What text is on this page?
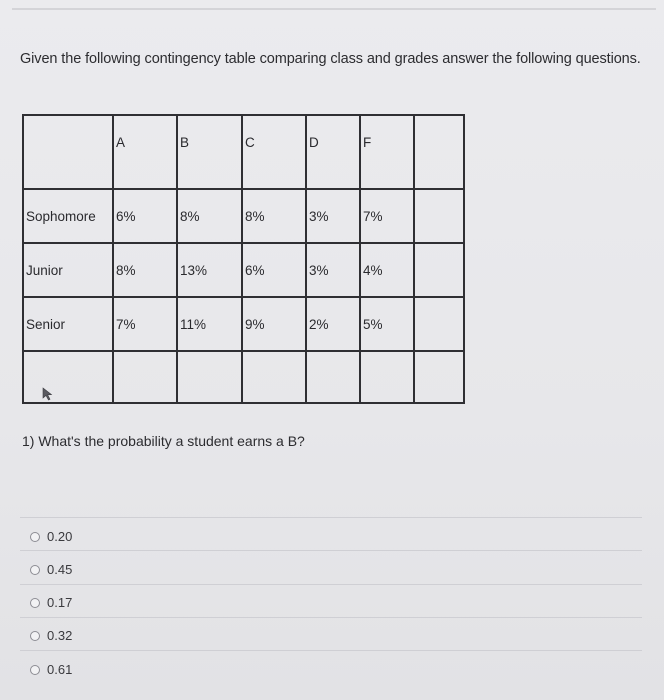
Given the following contingency table comparing class and grades answer the following questions.
	A	B	C	D	F	
Sophomore	6%	8%	8%	3%	7%	
Junior	8%	13%	6%	3%	4%	
Senior	7%	11%	9%	2%	5%	

1) What's the probability a student earns a B?
0.20
0.45
0.17
0.32
0.61
